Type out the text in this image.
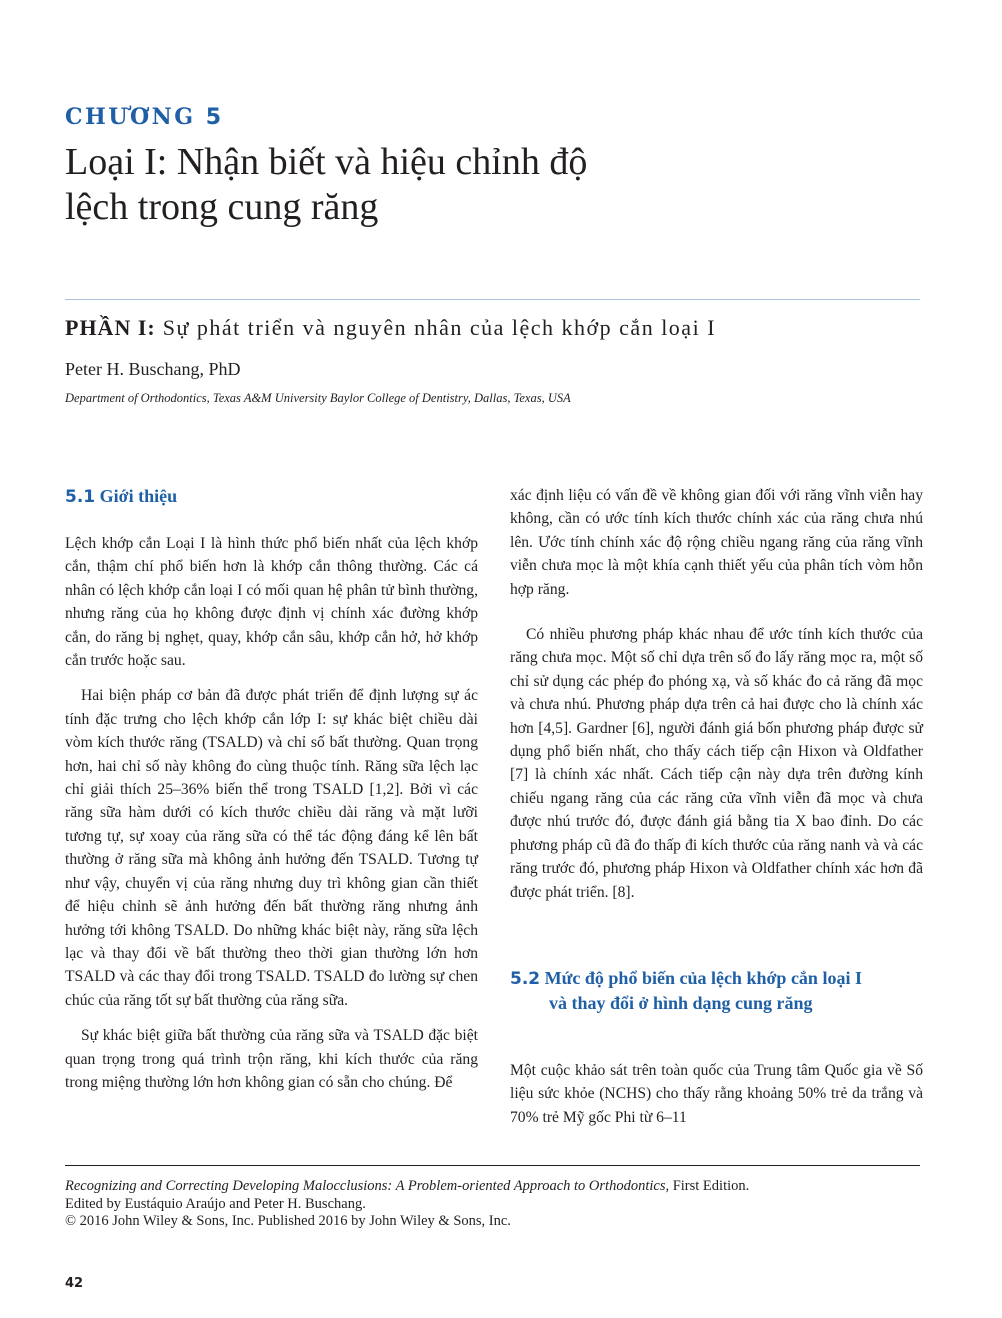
CHƯƠNG 5
Loại I: Nhận biết và hiệu chỉnh độ
lệch trong cung răng
PHẦN I: Sự phát triển và nguyên nhân của lệch khớp cắn loại I
Peter H. Buschang, PhD
Department of Orthodontics, Texas A&M University Baylor College of Dentistry, Dallas, Texas, USA
5.1 Giới thiệu

Lệch khớp cắn Loại I là hình thức phổ biến nhất của lệch khớp cắn, thậm chí phổ biến hơn là khớp cắn thông thường. Các cá nhân có lệch khớp cắn loại I có mối quan hệ phân tử bình thường, nhưng răng của họ không được định vị chính xác đường khớp cắn, do răng bị nghẹt, quay, khớp cắn sâu, khớp cắn hở, hở khớp cắn trước hoặc sau.

Hai biện pháp cơ bản đã được phát triển để định lượng sự ác tính đặc trưng cho lệch khớp cắn lớp I: sự khác biệt chiều dài vòm kích thước răng (TSALD) và chỉ số bất thường. Quan trọng hơn, hai chỉ số này không đo cùng thuộc tính. Răng sữa lệch lạc chỉ giải thích 25–36% biến thể trong TSALD [1,2]. Bởi vì các răng sữa hàm dưới có kích thước chiều dài răng và mặt lưỡi tương tự, sự xoay của răng sữa có thể tác động đáng kể lên bất thường ở răng sữa mà không ảnh hưởng đến TSALD. Tương tự như vậy, chuyển vị của răng nhưng duy trì không gian cần thiết để hiệu chỉnh sẽ ảnh hưởng đến bất thường răng nhưng ảnh hưởng tới không TSALD. Do những khác biệt này, răng sữa lệch lạc và thay đổi về bất thường theo thời gian thường lớn hơn TSALD và các thay đổi trong TSALD. TSALD đo lường sự chen chúc của răng tốt sự bất thường của răng sữa.

Sự khác biệt giữa bất thường của răng sữa và TSALD đặc biệt quan trọng trong quá trình trộn răng, khi kích thước của răng trong miệng thường lớn hơn không gian có sẵn cho chúng. Để

xác định liệu có vấn đề về không gian đối với răng vĩnh viễn hay không, cần có ước tính kích thước chính xác của răng chưa nhú lên. Ước tính chính xác độ rộng chiều ngang răng của răng vĩnh viễn chưa mọc là một khía cạnh thiết yếu của phân tích vòm hỗn hợp răng.

Có nhiều phương pháp khác nhau để ước tính kích thước của răng chưa mọc. Một số chỉ dựa trên số đo lấy răng mọc ra, một số chỉ sử dụng các phép đo phóng xạ, và số khác đo cả răng đã mọc và chưa nhú. Phương pháp dựa trên cả hai được cho là chính xác hơn [4,5]. Gardner [6], người đánh giá bốn phương pháp được sử dụng phổ biến nhất, cho thấy cách tiếp cận Hixon và Oldfather [7] là chính xác nhất. Cách tiếp cận này dựa trên đường kính chiếu ngang răng của các răng cửa vĩnh viễn đã mọc và chưa được nhú trước đó, được đánh giá bằng tia X bao đỉnh. Do các phương pháp cũ đã đo thấp đi kích thước của răng nanh và và các răng trước đó, phương pháp Hixon và Oldfather chính xác hơn đã được phát triển. [8].

5.2 Mức độ phổ biến của lệch khớp cắn loại I
và thay đổi ở hình dạng cung răng

Một cuộc khảo sát trên toàn quốc của Trung tâm Quốc gia về Số liệu sức khỏe (NCHS) cho thấy rằng khoảng 50% trẻ da trắng và 70% trẻ Mỹ gốc Phi từ 6–11

Recognizing and Correcting Developing Malocclusions: A Problem-oriented Approach to Orthodontics, First Edition.
Edited by Eustáquio Araújo and Peter H. Buschang.
© 2016 John Wiley & Sons, Inc. Published 2016 by John Wiley & Sons, Inc.
42
